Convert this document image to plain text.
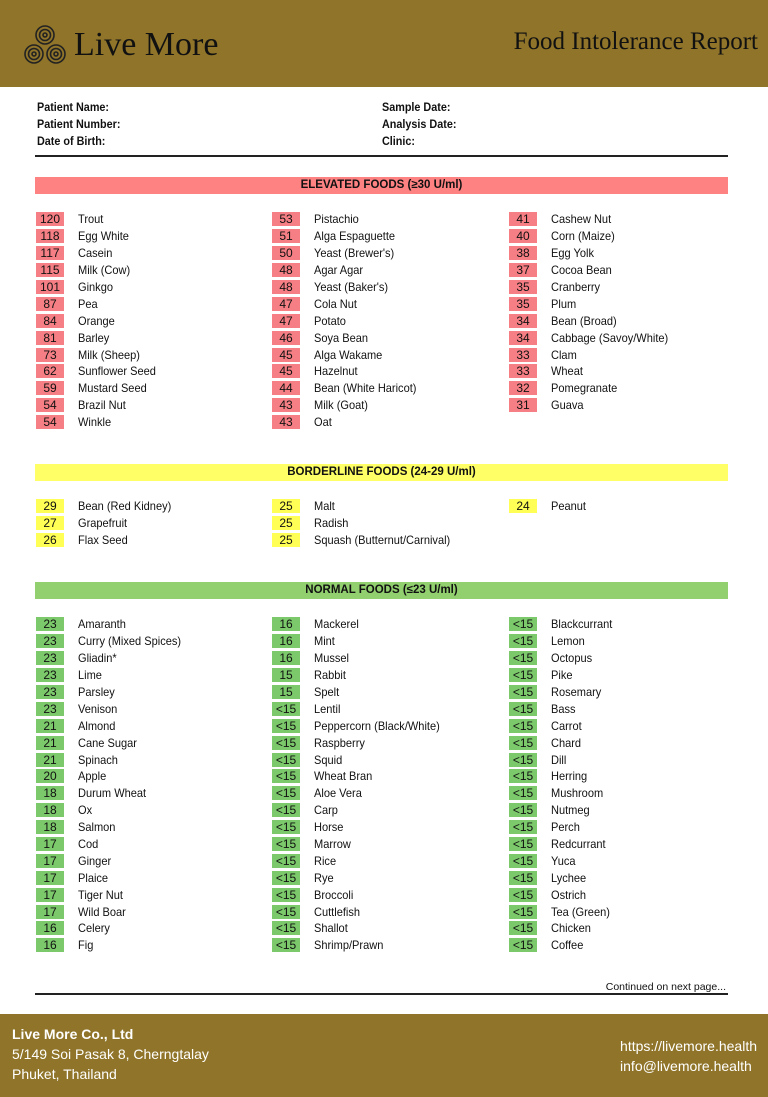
Live More	Food Intolerance Report
Patient Name:
Patient Number:
Date of Birth:
Sample Date:
Analysis Date:
Clinic:
ELEVATED FOODS (≥30 U/ml)
120	Trout
118	Egg White
117	Casein
115	Milk (Cow)
101	Ginkgo
87	Pea
84	Orange
81	Barley
73	Milk (Sheep)
62	Sunflower Seed
59	Mustard Seed
54	Brazil Nut
54	Winkle
53	Pistachio
51	Alga Espaguette
50	Yeast (Brewer's)
48	Agar Agar
48	Yeast (Baker's)
47	Cola Nut
47	Potato
46	Soya Bean
45	Alga Wakame
45	Hazelnut
44	Bean (White Haricot)
43	Milk (Goat)
43	Oat
41	Cashew Nut
40	Corn (Maize)
38	Egg Yolk
37	Cocoa Bean
35	Cranberry
35	Plum
34	Bean (Broad)
34	Cabbage (Savoy/White)
33	Clam
33	Wheat
32	Pomegranate
31	Guava
BORDERLINE FOODS (24-29 U/ml)
29	Bean (Red Kidney)
27	Grapefruit
26	Flax Seed
25	Malt
25	Radish
25	Squash (Butternut/Carnival)
24	Peanut
NORMAL FOODS (≤23 U/ml)
23	Amaranth
23	Curry (Mixed Spices)
23	Gliadin*
23	Lime
23	Parsley
23	Venison
21	Almond
21	Cane Sugar
21	Spinach
20	Apple
18	Durum Wheat
18	Ox
18	Salmon
17	Cod
17	Ginger
17	Plaice
17	Tiger Nut
17	Wild Boar
16	Celery
16	Fig
16	Mackerel
16	Mint
16	Mussel
15	Rabbit
15	Spelt
<15	Lentil
<15	Peppercorn (Black/White)
<15	Raspberry
<15	Squid
<15	Wheat Bran
<15	Aloe Vera
<15	Carp
<15	Horse
<15	Marrow
<15	Rice
<15	Rye
<15	Broccoli
<15	Cuttlefish
<15	Shallot
<15	Shrimp/Prawn
<15	Blackcurrant
<15	Lemon
<15	Octopus
<15	Pike
<15	Rosemary
<15	Bass
<15	Carrot
<15	Chard
<15	Dill
<15	Herring
<15	Mushroom
<15	Nutmeg
<15	Perch
<15	Redcurrant
<15	Yuca
<15	Lychee
<15	Ostrich
<15	Tea (Green)
<15	Chicken
<15	Coffee
Continued on next page...
Live More Co., Ltd
5/149 Soi Pasak 8, Cherngtalay
Phuket, Thailand
https://livemore.health
info@livemore.health
